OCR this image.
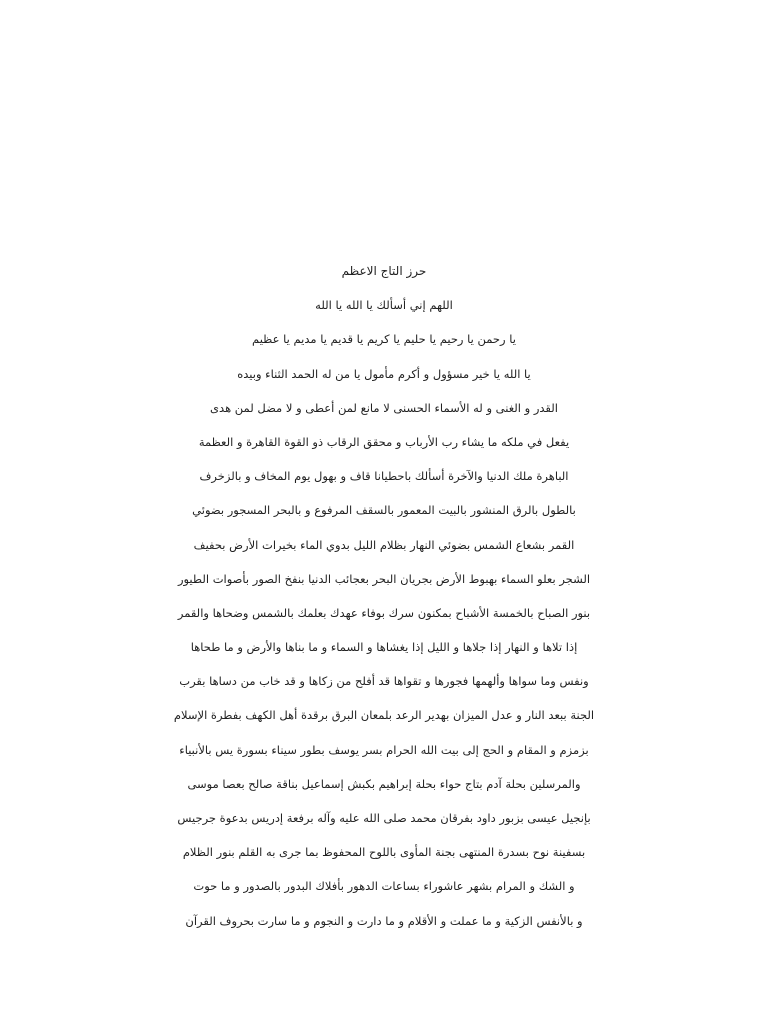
حرز التاج الاعظم
اللهم إني أسألك يا الله يا الله
يا رحمن يا رحيم يا حليم يا كريم يا قديم يا مديم يا عظيم
يا الله يا خير مسؤول و أكرم مأمول يا من له الحمد الثناء وبيده
القدر و الغنى و له الأسماء الحسنى لا مانع لمن أعطى و لا مضل لمن هدى
يفعل في ملكه ما يشاء رب الأرباب و محقق الرقاب ذو القوة القاهرة و العظمة
الباهرة ملك الدنيا والآخرة أسألك باحطيانا قاف و بهول يوم المخاف و بالزخرف
بالطول بالرق المنشور بالبيت المعمور بالسقف المرفوع و بالبحر المسجور بضوئي
القمر بشعاع الشمس بضوئي النهار بظلام الليل بدوي الماء بخيرات الأرض بحفيف
الشجر بعلو السماء بهبوط الأرض بجريان البحر بعجائب الدنيا بنفخ الصور بأصوات الطيور
بنور الصباح بالخمسة الأشباح بمكنون سرك بوفاء عهدك بعلمك بالشمس وضحاها والقمر
إذا تلاها و النهار إذا جلاها و الليل إذا يغشاها و السماء و ما بناها والأرض و ما طحاها
ونفس وما سواها وألهمها فجورها و تقواها قد أفلح من زكاها و قد خاب من دساها بقرب
الجنة ببعد النار و عدل الميزان بهدير الرعد بلمعان البرق برقدة أهل الكهف بفطرة الإسلام
بزمزم و المقام و الحج إلى بيت الله الحرام بسر يوسف بطور سيناء بسورة يس بالأنبياء
والمرسلين بحلة آدم بتاج حواء بحلة إبراهيم بكبش إسماعيل بناقة صالح بعصا موسى
بإنجيل عيسى بزبور داود بفرقان محمد صلى الله عليه وآله برفعة إدريس بدعوة جرجيس
بسفينة نوح بسدرة المنتهى بجنة المأوى باللوح المحفوظ بما جرى به القلم بنور الظلام
و الشك و المرام بشهر عاشوراء بساعات الدهور بأفلاك البدور بالصدور و ما حوت
و بالأنفس الزكية و ما عملت و الأقلام و ما دارت و النجوم و ما سارت بحروف القرآن
